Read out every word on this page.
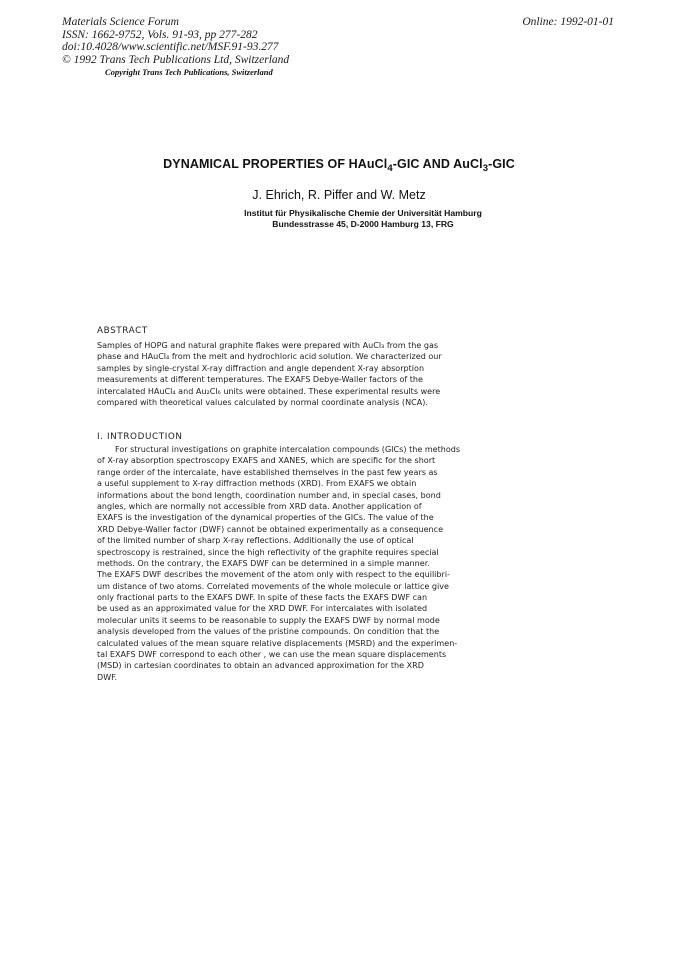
Materials Science Forum
ISSN: 1662-9752, Vols. 91-93, pp 277-282
doi:10.4028/www.scientific.net/MSF.91-93.277
© 1992 Trans Tech Publications Ltd, Switzerland
Online: 1992-01-01
Copyright Trans Tech Publications, Switzerland
DYNAMICAL PROPERTIES OF HAuCl$_4$-GIC AND AuCl$_3$-GIC
J. Ehrich, R. Piffer and W. Metz
Institut für Physikalische Chemie der Universität Hamburg
Bundesstrasse 45, D-2000 Hamburg 13, FRG
ABSTRACT
Samples of HOPG and natural graphite flakes were prepared with AuCl₃ from the gas
phase and HAuCl₄ from the melt and hydrochloric acid solution. We characterized our
samples by single-crystal X-ray diffraction and angle dependent X-ray absorption
measurements at different temperatures. The EXAFS Debye-Waller factors of the
intercalated HAuCl₄ and Au₂Cl₆ units were obtained. These experimental results were
compared with theoretical values calculated by normal coordinate analysis (NCA).
I. INTRODUCTION
For structural investigations on graphite intercalation compounds (GICs) the methods
of X-ray absorption spectroscopy EXAFS and XANES, which are specific for the short
range order of the intercalate, have established themselves in the past few years as
a useful supplement to X-ray diffraction methods (XRD). From EXAFS we obtain
informations about the bond length, coordination number and, in special cases, bond
angles, which are normally not accessible from XRD data. Another application of
EXAFS is the investigation of the dynamical properties of the GICs. The value of the
XRD Debye-Waller factor (DWF) cannot be obtained experimentally as a consequence
of the limited number of sharp X-ray reflections. Additionally the use of optical
spectroscopy is restrained, since the high reflectivity of the graphite requires special
methods. On the contrary, the EXAFS DWF can be determined in a simple manner.
The EXAFS DWF describes the movement of the atom only with respect to the equilibri-
um distance of two atoms. Correlated movements of the whole molecule or lattice give
only fractional parts to the EXAFS DWF. In spite of these facts the EXAFS DWF can
be used as an approximated value for the XRD DWF. For intercalates with isolated
molecular units it seems to be reasonable to supply the EXAFS DWF by normal mode
analysis developed from the values of the pristine compounds. On condition that the
calculated values of the mean square relative displacements (MSRD) and the experimen-
tal EXAFS DWF correspond to each other , we can use the mean square displacements
(MSD) in cartesian coordinates to obtain an advanced approximation for the XRD
DWF.
